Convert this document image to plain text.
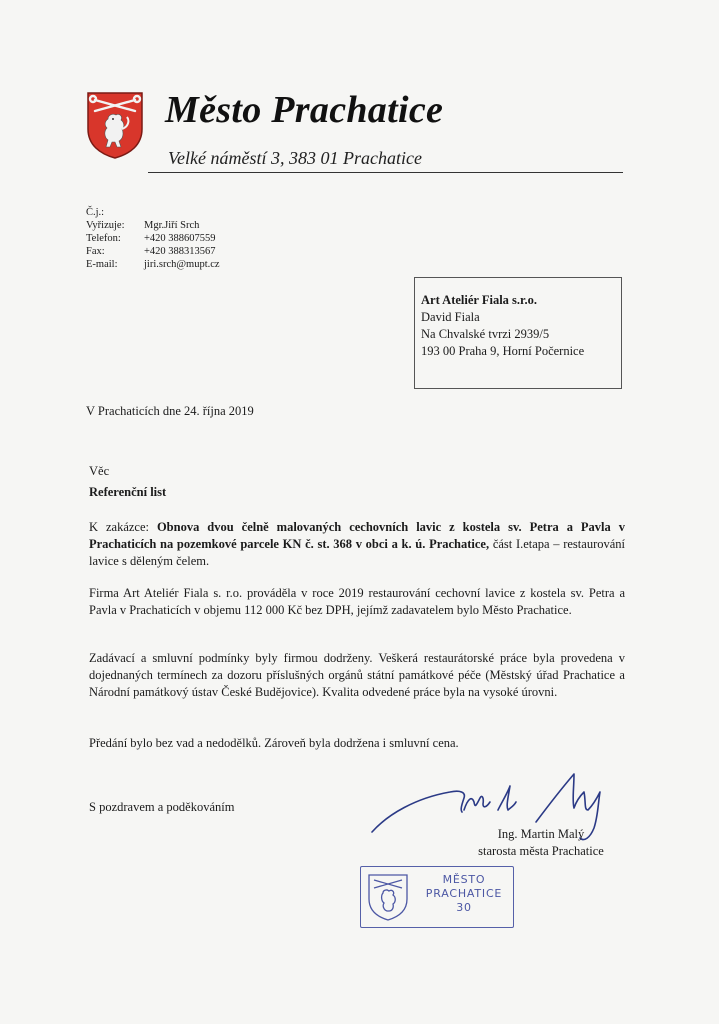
Město Prachatice
Velké náměstí 3, 383 01 Prachatice
Č.j.:
Vyřizuje:	Mgr.Jiří Srch
Telefon:	+420 388607559
Fax:	+420 388313567
E-mail:	jiri.srch@mupt.cz
Art Ateliér Fiala s.r.o.
David Fiala
Na Chvalské tvrzi 2939/5
193 00 Praha 9, Horní Počernice
V Prachaticích dne 24. října 2019
Věc
Referenční list
K zakázce: Obnova dvou čelně malovaných cechovních lavic z kostela sv. Petra a Pavla v Prachaticích na pozemkové parcele KN č. st. 368 v obci a k. ú. Prachatice, část I.etapa – restaurování lavice s děleným čelem.
Firma Art Ateliér Fiala s. r.o. prováděla v roce 2019 restaurování cechovní lavice z kostela sv. Petra a Pavla v Prachaticích v objemu 112 000 Kč bez DPH, jejímž zadavatelem bylo Město Prachatice.
Zadávací a smluvní podmínky byly firmou dodrženy. Veškerá restaurátorské práce byla provedena v dojednaných termínech za dozoru příslušných orgánů státní památkové péče (Městský úřad Prachatice a Národní památkový ústav České Budějovice). Kvalita odvedené práce byla na vysoké úrovni.
Předání bylo bez vad a nedodělků. Zároveň byla dodržena i smluvní cena.
S pozdravem a poděkováním
Ing. Martin Malý
starosta města Prachatice
MĚSTO
PRACHATICE
30
